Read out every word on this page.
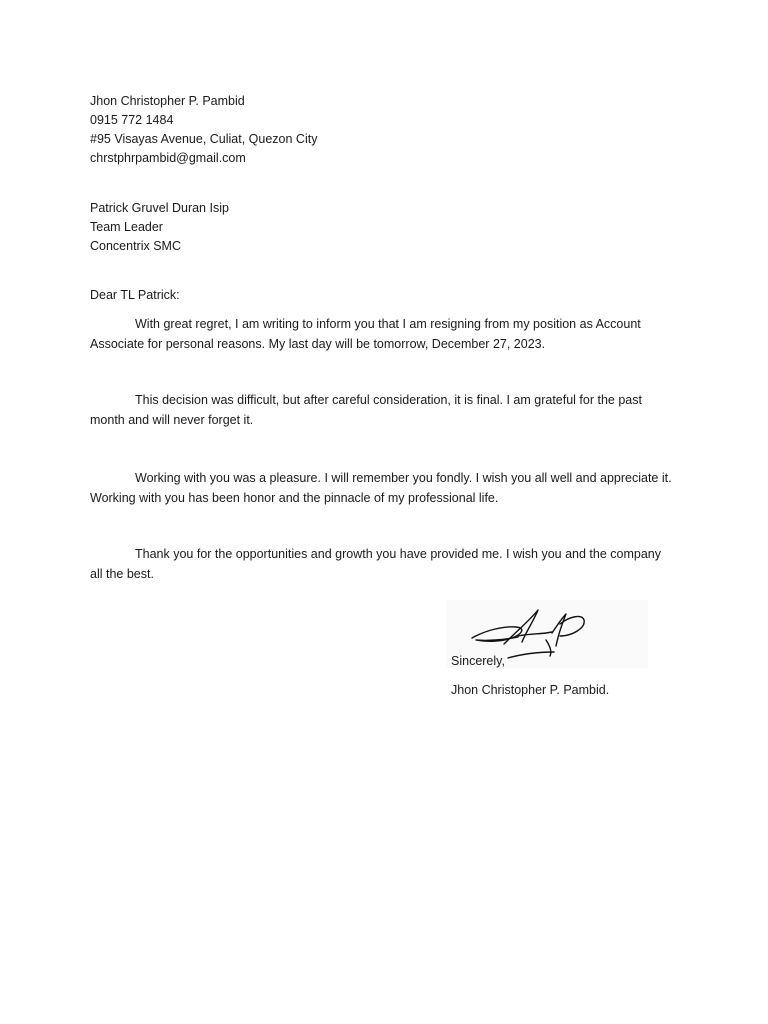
Jhon Christopher P. Pambid
0915 772 1484
#95 Visayas Avenue, Culiat, Quezon City
chrstphrpambid@gmail.com
Patrick Gruvel Duran Isip
Team Leader
Concentrix SMC
Dear TL Patrick:
With great regret, I am writing to inform you that I am resigning from my position as Account Associate for personal reasons. My last day will be tomorrow, December 27, 2023.
This decision was difficult, but after careful consideration, it is final. I am grateful for the past month and will never forget it.
Working with you was a pleasure. I will remember you fondly. I wish you all well and appreciate it. Working with you has been honor and the pinnacle of my professional life.
Thank you for the opportunities and growth you have provided me. I wish you and the company all the best.
Sincerely,
Jhon Christopher P. Pambid.
